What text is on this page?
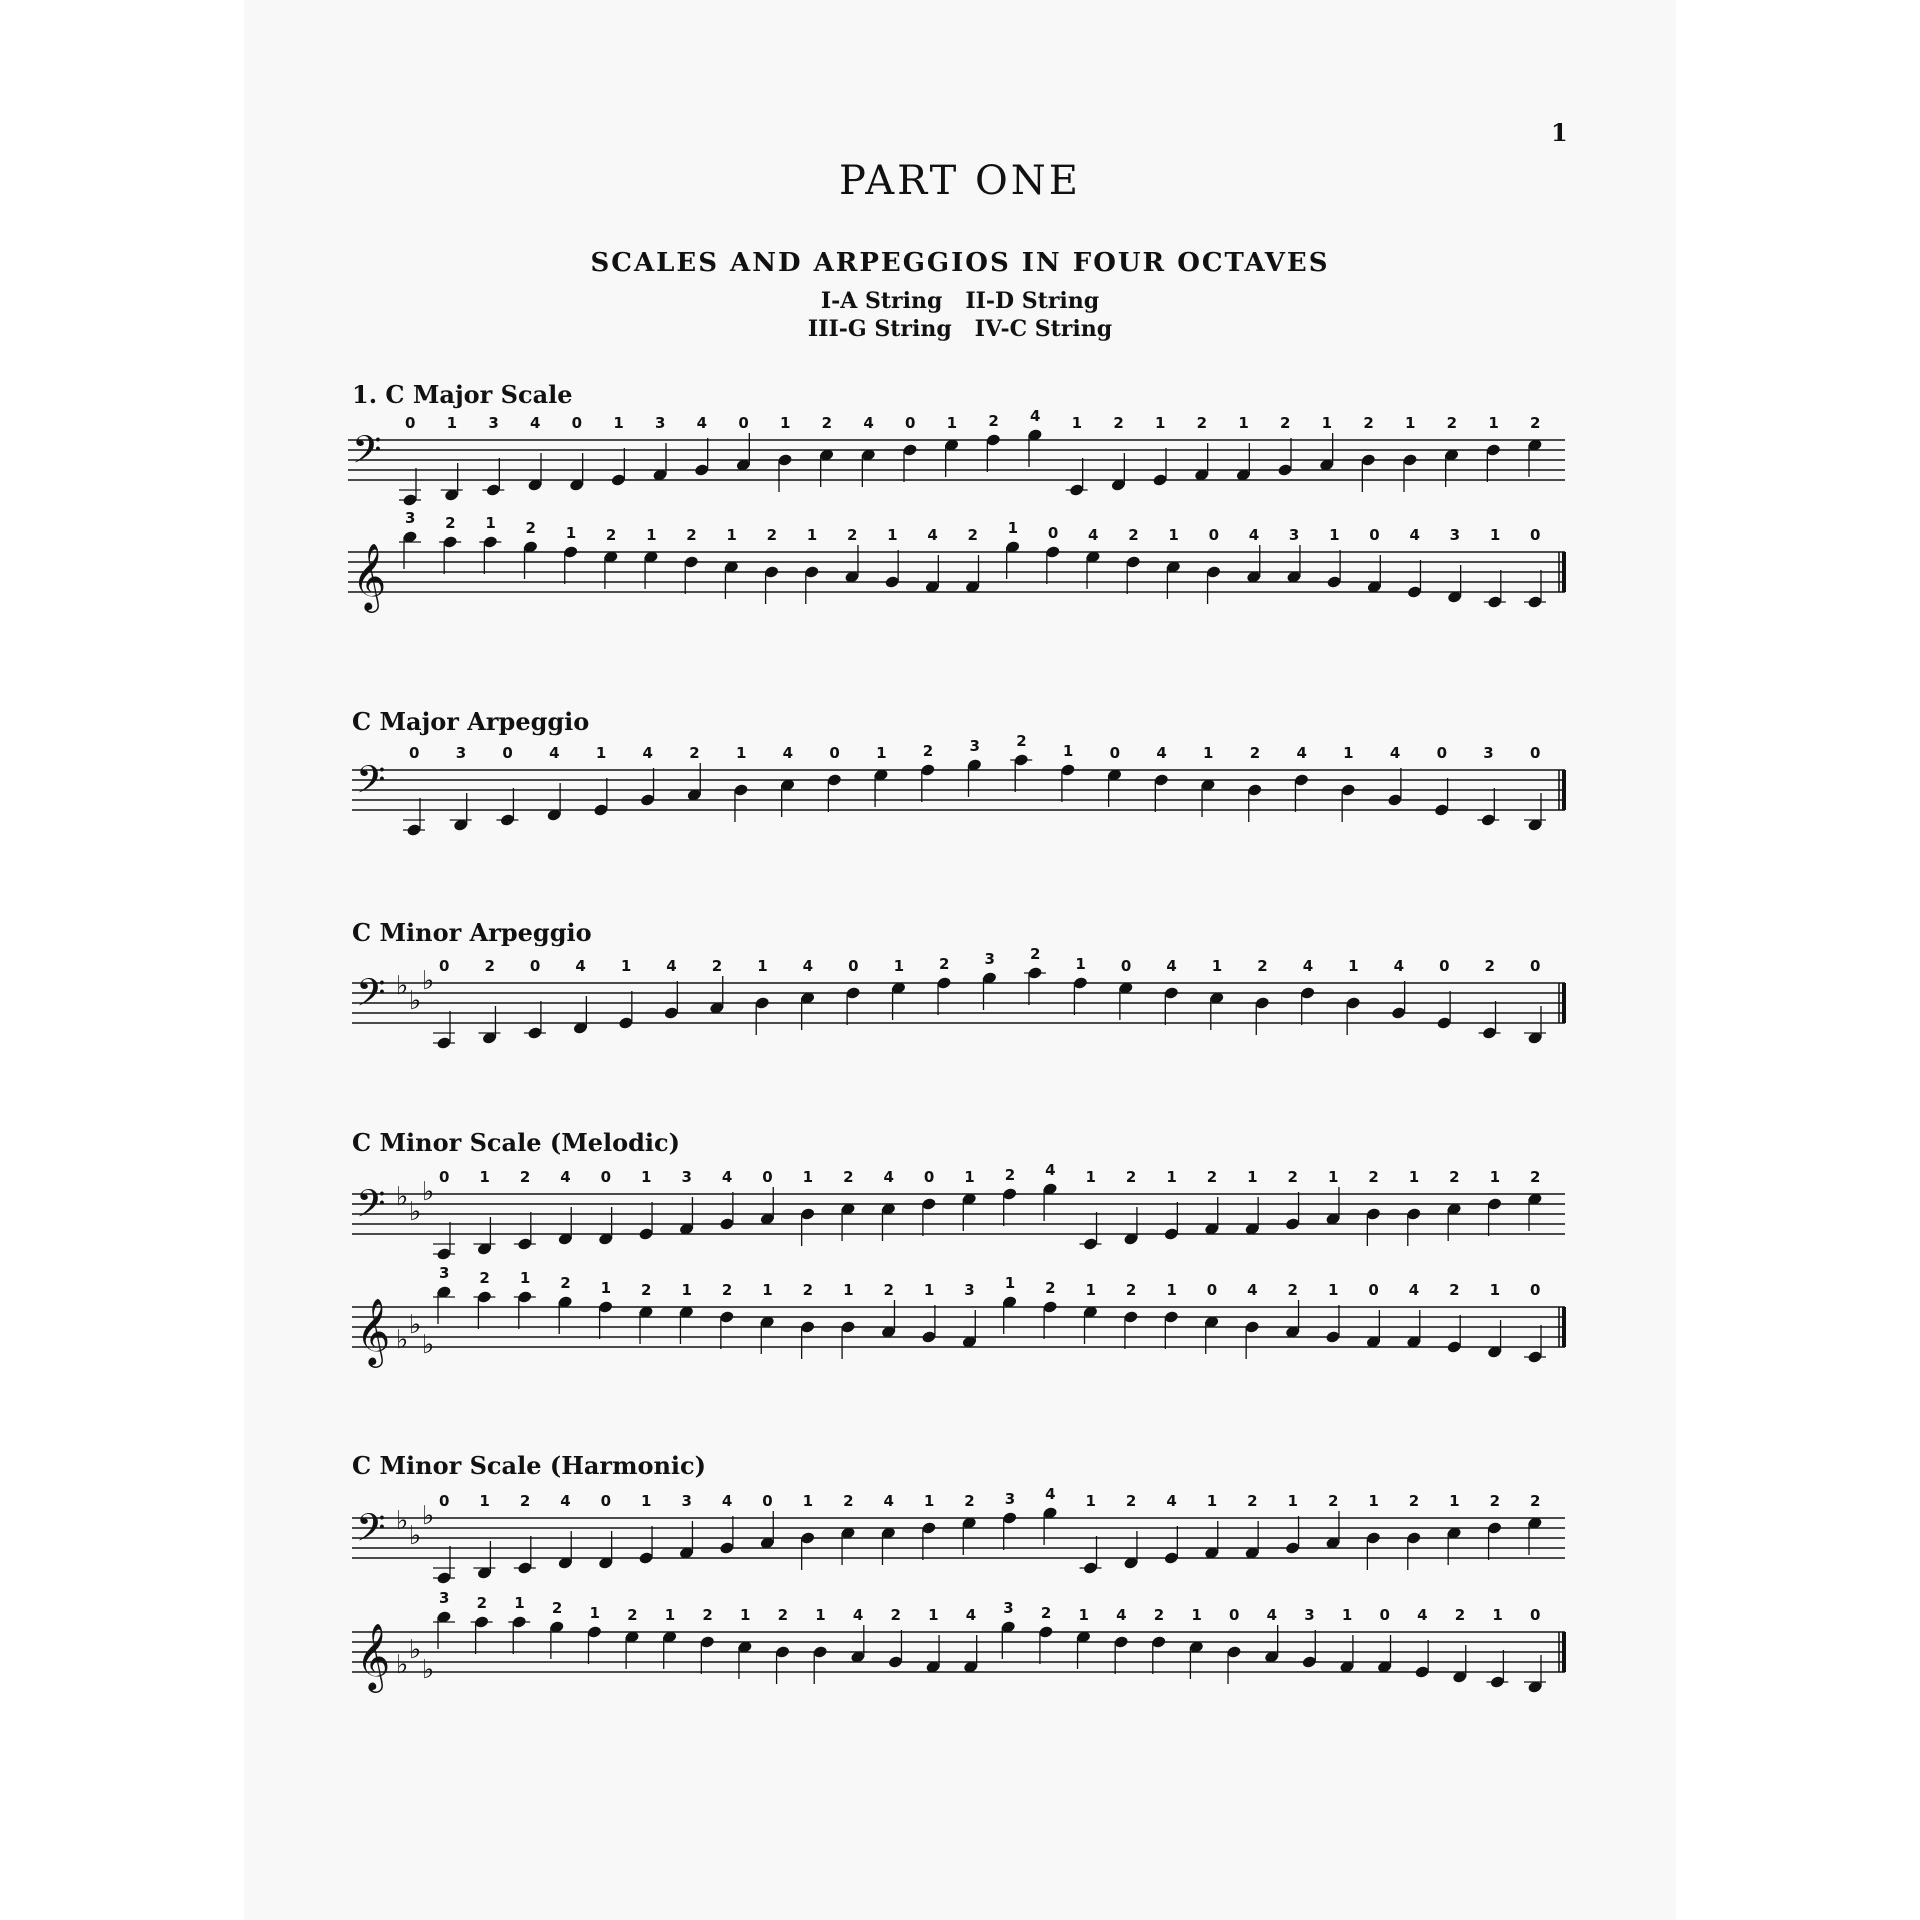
1
PART ONE
SCALES AND ARPEGGIOS IN FOUR OCTAVES
I-A String   II-D String
III-G String   IV-C String
1. C Major Scale
C Major Arpeggio
C Minor Arpeggio
C Minor Scale (Melodic)
C Minor Scale (Harmonic)
𝄢
0 1 3 4 0 1 3 4 0 1 2 4 0 1 2 4 1 2 1 2 1 2 1 2 1 2 1 2
𝄞
3 2 1 2 1 2 1 2 1 2 1 2 1 4 2 1 0 4 2 1 0 4 3 1 0 4 3 1 0
𝄢
0 3 0 4 1 4 2 1 4 0 1 2 3 2
1 0 4 1 2 4 1 4 0 3 0
𝄢 ♭ ♭
♭ 0 2 0 4 1 4 2 1 4 0 1 2 3 2
1 0 4 1 2 4 1 4 0 2 0
𝄢 ♭ ♭
♭ 0 1 2 4 0 1 3 4 0 1 2 4 0 1 2 4 1 2 1 2 1 2 1 2 1 2 1 2
𝄞 ♭ ♭
♭
3 2 1 2 1 2 1 2 1 2 1 2 1 3 1 2 1 2 1 0 4 2 1 0 4 2 1 0
𝄢 ♭ ♭
♭ 0 1 2 4 0 1 3 4 0 1 2 4 1 2 3 4 1 2 4 1 2 1 2 1 2 1 2 2
𝄞 ♭ ♭
♭
3 2 1 2 1 2 1 2 1 2 1 4 2 1 4 3 2 1 4 2 1 0 4 3 1 0 4 2 1 0
